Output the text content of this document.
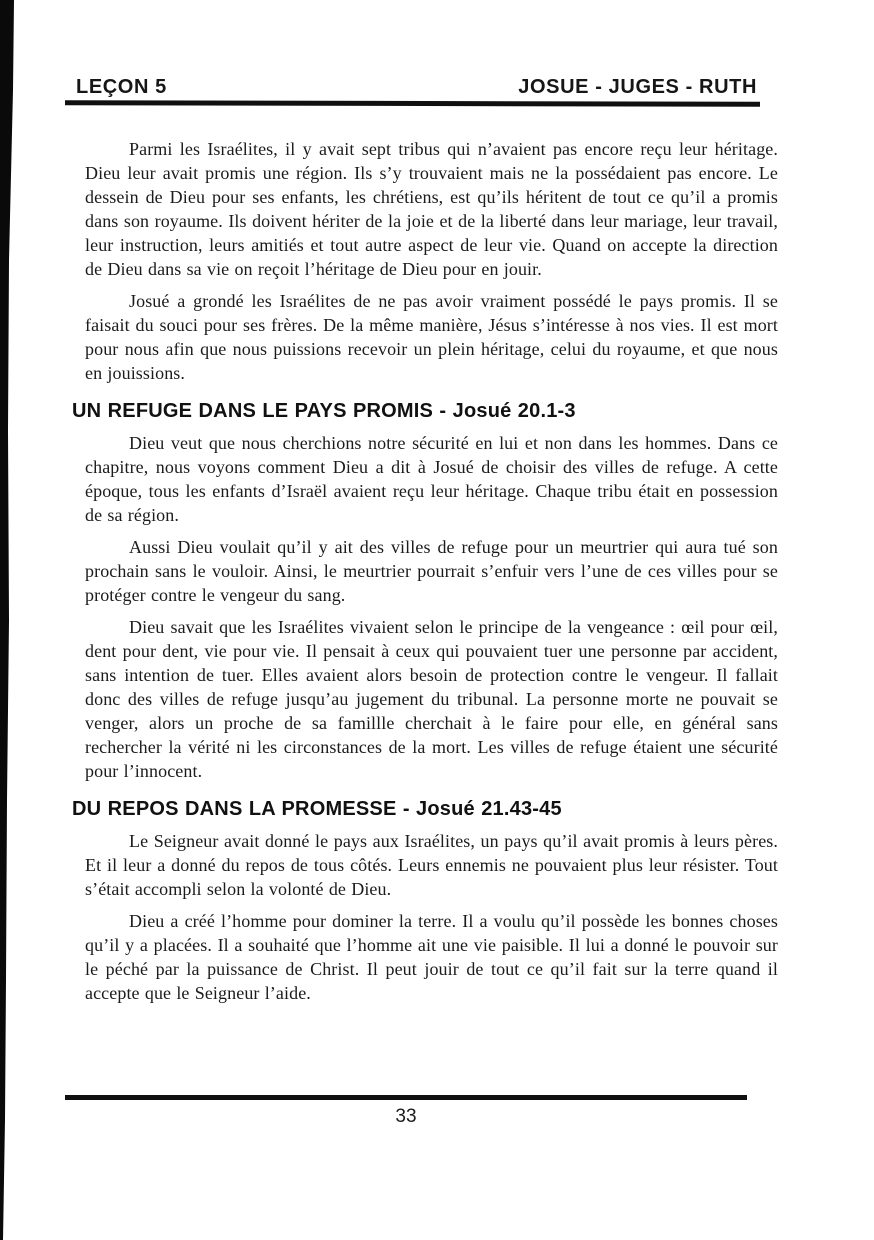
LEÇON 5	JOSUE - JUGES - RUTH

Parmi les Israélites, il y avait sept tribus qui n’avaient pas encore reçu leur héritage. Dieu leur avait promis une région. Ils s’y trouvaient mais ne la possédaient pas encore. Le dessein de Dieu pour ses enfants, les chrétiens, est qu’ils héritent de tout ce qu’il a promis dans son royaume. Ils doivent hériter de la joie et de la liberté dans leur mariage, leur travail, leur instruction, leurs amitiés et tout autre aspect de leur vie. Quand on accepte la direction de Dieu dans sa vie on reçoit l’héritage de Dieu pour en jouir.

Josué a grondé les Israélites de ne pas avoir vraiment possédé le pays promis. Il se faisait du souci pour ses frères. De la même manière, Jésus s’intéresse à nos vies. Il est mort pour nous afin que nous puissions recevoir un plein héritage, celui du royaume, et que nous en jouissions.

UN REFUGE DANS LE PAYS PROMIS - Josué 20.1-3

Dieu veut que nous cherchions notre sécurité en lui et non dans les hommes. Dans ce chapitre, nous voyons comment Dieu a dit à Josué de choisir des villes de refuge. A cette époque, tous les enfants d’Israël avaient reçu leur héritage. Chaque tribu était en possession de sa région.

Aussi Dieu voulait qu’il y ait des villes de refuge pour un meurtrier qui aura tué son prochain sans le vouloir. Ainsi, le meurtrier pourrait s’enfuir vers l’une de ces villes pour se protéger contre le vengeur du sang.

Dieu savait que les Israélites vivaient selon le principe de la vengeance : œil pour œil, dent pour dent, vie pour vie. Il pensait à ceux qui pouvaient tuer une personne par accident, sans intention de tuer. Elles avaient alors besoin de protection contre le vengeur. Il fallait donc des villes de refuge jusqu’au jugement du tribunal. La personne morte ne pouvait se venger, alors un proche de sa famillle cherchait à le faire pour elle, en général sans rechercher la vérité ni les circonstances de la mort. Les villes de refuge étaient une sécurité pour l’innocent.

DU REPOS DANS LA PROMESSE - Josué 21.43-45

Le Seigneur avait donné le pays aux Israélites, un pays qu’il avait promis à leurs pères. Et il leur a donné du repos de tous côtés. Leurs ennemis ne pouvaient plus leur résister. Tout s’était accompli selon la volonté de Dieu.

Dieu a créé l’homme pour dominer la terre. Il a voulu qu’il possède les bonnes choses qu’il y a placées. Il a souhaité que l’homme ait une vie paisible. Il lui a donné le pouvoir sur le péché par la puissance de Christ. Il peut jouir de tout ce qu’il fait sur la terre quand il accepte que le Seigneur l’aide.

33
